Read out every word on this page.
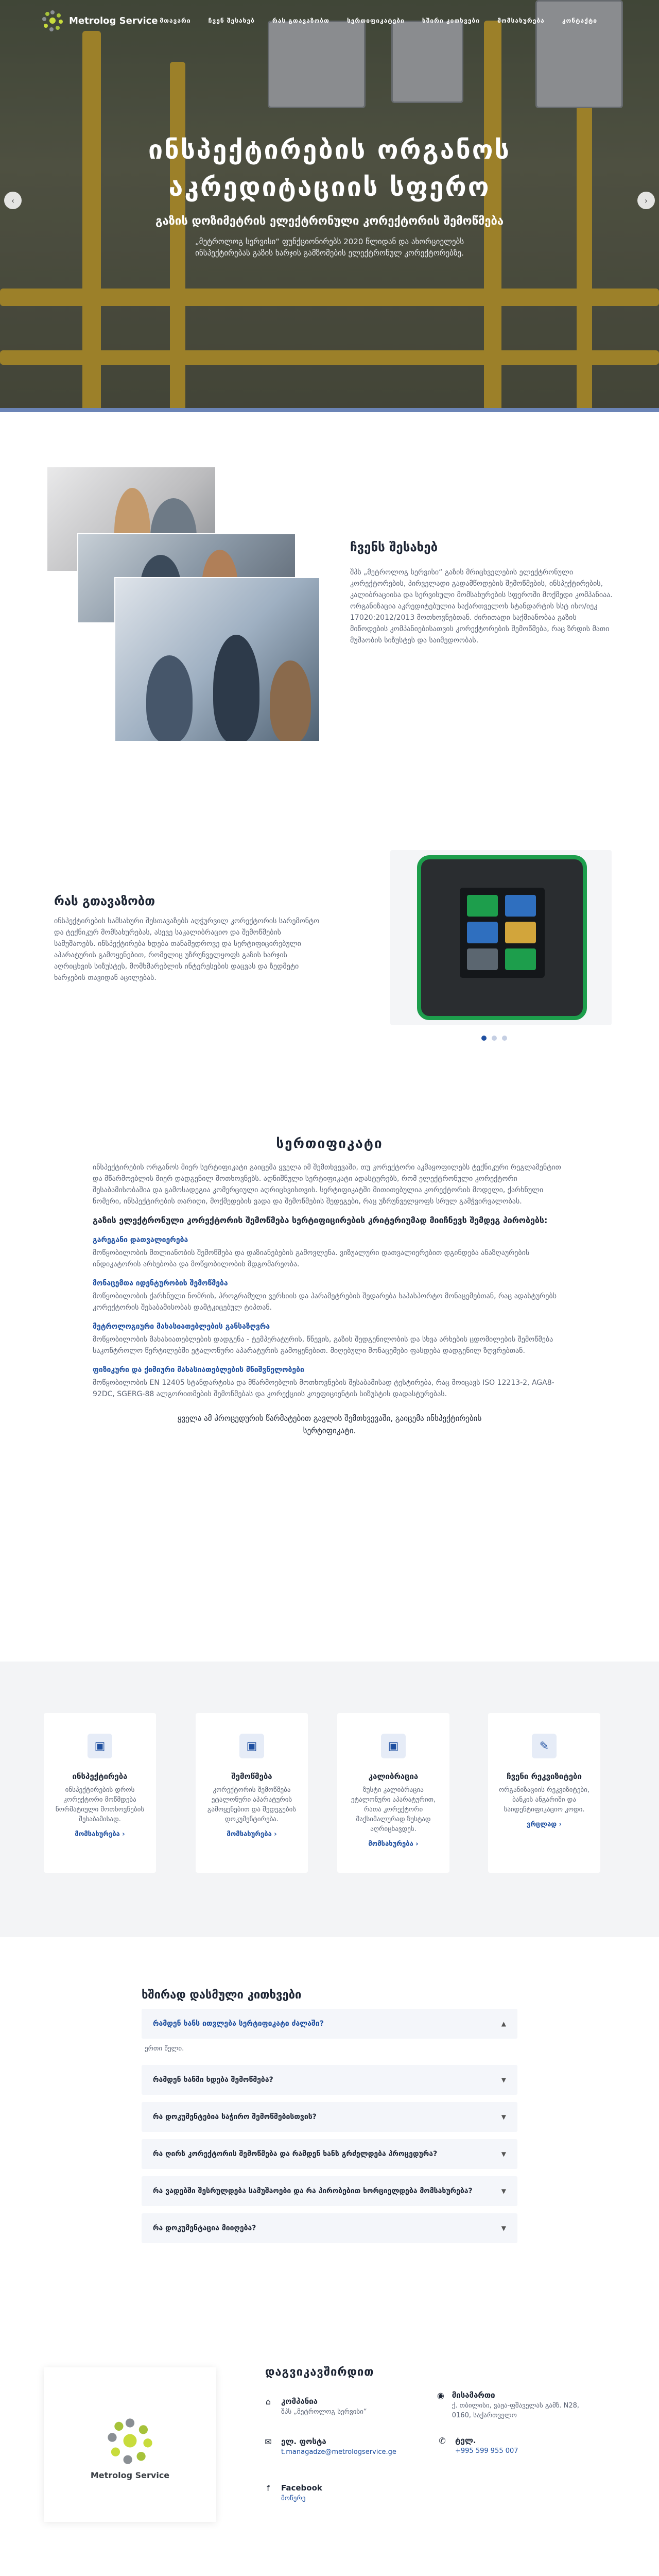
ინსპექტირების ორგანოს აკრედიტაციის სფერო
გაზის დოზიმეტრის ელექტრონული კორექტორის შემოწმება
„მეტროლოგ სერვისი“ ფუნქციონირებს 2020 წლიდან და ახორციელებს ინსპექტირებას გაზის ხარჯის გამზომების ელექტრონულ კორექტორებზე.
‹	›
Metrolog Service მთავარი	ჩვენ შესახებ	რას გთავაზობთ	სერთიფიკატები	ხშირი კითხვები	მომსახურება	კონტაქტი
ჩვენს შესახებ
შპს „მეტროლოგ სერვისი“ გაზის მრიცხველების ელექტრონული კორექტორების, პირველადი გადამწოდების შემოწმების, ინსპექტირების, კალიბრაციისა და სერვისული მომსახურების სფეროში მოქმედი კომპანიაა. ორგანიზაცია აკრედიტებულია საქართველოს სტანდარტის სსტ ისო/იეკ 17020:2012/2013 მოთხოვნებთან. ძირითადი საქმიანობაა გაზის მიწოდების კომპანიებისათვის კორექტორების შემოწმება, რაც ზრდის მათი მუშაობის სიზუსტეს და საიმედოობას.
რას გთავაზობთ
ინსპექტირების სამსახური შესთავაზებს აღჭურვილ კორექტორის სარემონტო და ტექნიკურ მომსახურებას, ასევე საკალიბრაციო და შემოწმების სამუშაოებს. ინსპექტირება ხდება თანამედროვე და სერტიფიცირებული აპარატურის გამოყენებით, რომელიც უზრუნველყოფს გაზის ხარჯის აღრიცხვის სიზუსტეს, მომხმარებლის ინტერესების დაცვას და ზედმეტი ხარჯების თავიდან აცილებას.
სერთიფიკატი
ინსპექტირების ორგანოს მიერ სერტიფიკატი გაიცემა ყველა იმ შემთხვევაში, თუ კორექტორი აკმაყოფილებს ტექნიკური რეგლამენტით და მწარმოებლის მიერ დადგენილ მოთხოვნებს. აღნიშნული სერტიფიკატი ადასტურებს, რომ ელექტრონული კორექტორი შესაბამისობაშია და გამოსადეგია კომერციული აღრიცხვისთვის. სერტიფიკატში მითითებულია კორექტორის მოდელი, ქარხნული ნომერი, ინსპექტირების თარიღი, მოქმედების ვადა და შემოწმების შედეგები, რაც უზრუნველყოფს სრულ გამჭვირვალობას.
გაზის ელექტრონული კორექტორის შემოწმება სერტიფიცირების კრიტერიუმად მიიჩნევს შემდეგ პირობებს:
გარეგანი დათვალიერება
მოწყობილობის მთლიანობის შემოწმება და დაზიანებების გამოვლენა. ვიზუალური დათვალიერებით დგინდება ანაზღაურების ინდიკატორის არსებობა და მოწყობილობის მდგომარეობა.
მონაცემთა იდენტურობის შემოწმება
მოწყობილობის ქარხნული ნომრის, პროგრამული ვერსიის და პარამეტრების შედარება საპასპორტო მონაცემებთან, რაც ადასტურებს კორექტორის შესაბამისობას დამტკიცებულ ტიპთან.
მეტროლოგიური მახასიათებლების განსაზღვრა
მოწყობილობის მახასიათებლების დადგენა - ტემპერატურის, წნევის, გაზის შედგენილობის და სხვა არხების ცდომილების შემოწმება საკონტროლო წერტილებში ეტალონური აპარატურის გამოყენებით. მიღებული მონაცემები ფასდება დადგენილ ზღვრებთან.
ფიზიკური და ქიმიური მახასიათებლების მნიშვნელობები
მოწყობილობის EN 12405 სტანდარტისა და მწარმოებლის მოთხოვნების შესაბამისად ტესტირება, რაც მოიცავს ISO 12213-2, AGA8-92DC, SGERG-88 ალგორითმების შემოწმებას და კორექციის კოეფიციენტის სიზუსტის დადასტურებას.
ყველა ამ პროცედურის წარმატებით გავლის შემთხვევაში, გაიცემა ინსპექტირების სერტიფიკატი.
▣
ინსპექტირება
ინსპექტირების დროს კორექტორი მოწმდება ნორმატიული მოთხოვნების შესაბამისად.
მომსახურება ›
▣
შემოწმება
კორექტორის შემოწმება ეტალონური აპარატურის გამოყენებით და შედეგების დოკუმენტირება.
მომსახურება ›
▣
კალიბრაცია
ზუსტი კალიბრაცია ეტალონური აპარატურით, რათა კორექტორი მაქსიმალურად ზუსტად აღრიცხავდეს.
მომსახურება ›
✎
ჩვენი რეკვიზიტები
ორგანიზაციის რეკვიზიტები, ბანკის ანგარიში და საიდენტიფიკაციო კოდი.
ვრცლად ›
ხშირად დასმული კითხვები
რამდენ ხანს ითვლება სერტიფიკატი ძალაში?	▲
ერთი წელი.
რამდენ ხანში ხდება შემოწმება?	▼
რა დოკუმენტებია საჭირო შემოწმებისთვის?	▼
რა ღირს კორექტორის შემოწმება და რამდენ ხანს გრძელდება პროცედურა?	▼
რა ვადებში შესრულდება სამუშაოები და რა პირობებით ხორციელდება მომსახურება?	▼
რა დოკუმენტაცია მიიღება?	▼
Metrolog Service
დაგვიკავშირდით
⌂	კომპანია
შპს „მეტროლოგ სერვისი“
◉ მისამართი
ქ. თბილისი, ვაჟა-ფშაველას გამზ. N28, 0160, საქართველო
✉ ელ. ფოსტა
t.managadze@metrologservice.ge
✆ ტელ.
+995 599 955 007
f	Facebook
მოწერე
